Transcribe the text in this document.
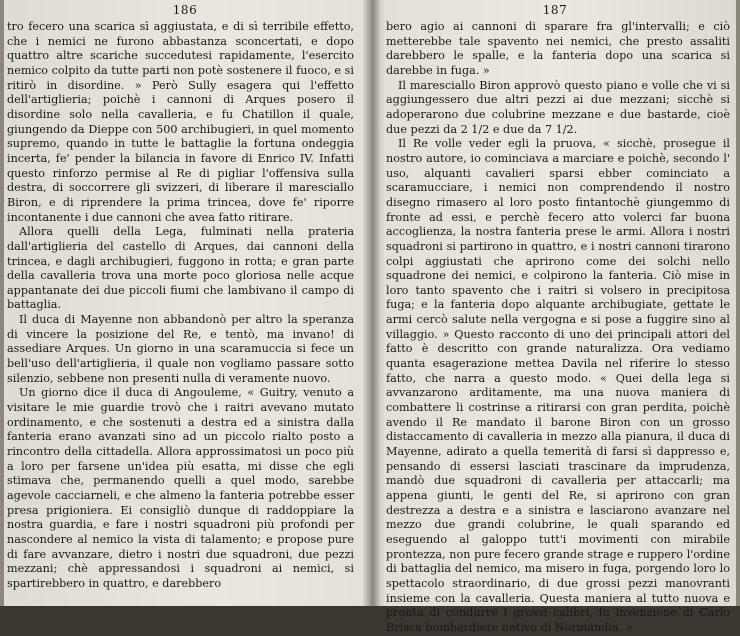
186

tro fecero una scarica sì aggiustata, e di sì terribile effetto, che i nemici ne furono abbastanza sconcertati, e dopo quattro altre scariche succedutesi rapidamente, l'esercito nemico colpito da tutte parti non potè sostenere il fuoco, e si ritirò in disordine. » Però Sully esagera qui l'effetto dell'artiglieria; poichè i cannoni di Arques posero il disordine solo nella cavalleria, e fu Chatillon il quale, giungendo da Dieppe con 500 archibugieri, in quel momento supremo, quando in tutte le battaglie la fortuna ondeggia incerta, fe' pender la bilancia in favore di Enrico IV. Infatti questo rinforzo permise al Re di pigliar l'offensiva sulla destra, di soccorrere gli svizzeri, di liberare il maresciallo Biron, e di riprendere la prima trincea, dove fe' riporre incontanente i due cannoni che avea fatto ritirare.

Allora quelli della Lega, fulminati nella prateria dall'artiglieria del castello di Arques, dai cannoni della trincea, e dagli archibugieri, fuggono in rotta; e gran parte della cavalleria trova una morte poco gloriosa nelle acque appantanate dei due piccoli fiumi che lambivano il campo di battaglia.

Il duca di Mayenne non abbandonò per altro la speranza di vincere la posizione del Re, e tentò, ma invano! di assediare Arques. Un giorno in una scaramuccia si fece un bell'uso dell'artiglieria, il quale non vogliamo passare sotto silenzio, sebbene non presenti nulla di veramente nuovo.

Un giorno dice il duca di Angouleme, « Guitry, venuto a visitare le mie guardie trovò che i raitri avevano mutato ordinamento, e che sostenuti a destra ed a sinistra dalla fanteria erano avanzati sino ad un piccolo rialto posto a rincontro della cittadella. Allora approssimatosi un poco più a loro per farsene un'idea più esatta, mi disse che egli stimava che, permanendo quelli a quel modo, sarebbe agevole cacciarneli, e che almeno la fanteria potrebbe esser presa prigioniera. Ei consigliò dunque di raddoppiare la nostra guardia, e fare i nostri squadroni più profondi per nascondere al nemico la vista di talamento; e propose pure di fare avvanzare, dietro i nostri due squadroni, due pezzi mezzani; chè appressandosi i squadroni ai nemici, si spartirebbero in quattro, e darebbero

187

bero agio ai cannoni di sparare fra gl'intervalli; e ciò metterebbe tale spavento nei nemici, che presto assaliti darebbero le spalle, e la fanteria dopo una scarica si darebbe in fuga. »

Il maresciallo Biron approvò questo piano e volle che vi si aggiungessero due altri pezzi ai due mezzani; sicchè si adoperarono due colubrine mezzane e due bastarde, cioè due pezzi da 2 1/2 e due da 7 1/2.

Il Re volle veder egli la pruova, « sicchè, prosegue il nostro autore, io cominciava a marciare e poichè, secondo l' uso, alquanti cavalieri sparsi ebber cominciato a scaramucciare, i nemici non comprendendo il nostro disegno rimasero al loro posto fintantochè giungemmo di fronte ad essi, e perchè fecero atto volerci far buona accoglienza, la nostra fanteria prese le armi. Allora i nostri squadroni si partirono in quattro, e i nostri cannoni tirarono colpi aggiustati che aprirono come dei solchi nello squadrone dei nemici, e colpirono la fanteria. Ciò mise in loro tanto spavento che i raitri si volsero in precipitosa fuga; e la fanteria dopo alquante archibugiate, gettate le armi cercò salute nella vergogna e si pose a fuggire sino al villaggio. » Questo racconto di uno dei principali attori del fatto è descritto con grande naturalizza. Ora vediamo quanta esagerazione mettea Davila nel riferire lo stesso fatto, che narra a questo modo. « Quei della lega si avvanzarono arditamente, ma una nuova maniera di combattere li costrinse a ritirarsi con gran perdita, poichè avendo il Re mandato il barone Biron con un grosso distaccamento di cavalleria in mezzo alla pianura, il duca di Mayenne, adirato a quella temerità di farsi sì dappresso e, pensando di essersi lasciati trascinare da imprudenza, mandò due squadroni di cavalleria per attaccarli; ma appena giunti, le genti del Re, si aprirono con gran destrezza a destra e a sinistra e lasciarono avanzare nel mezzo due grandi colubrine, le quali sparando ed eseguendo al galoppo tutt'i movimenti con mirabile prontezza, non pure fecero grande strage e ruppero l'ordine di battaglia del nemico, ma misero in fuga, porgendo loro lo spettacolo straordinario, di due grossi pezzi manovranti insieme con la cavalleria. Questa maniera al tutto nuova e pronta di condurre i grossi calibri, fu invenzione di Carlo Brisca bombardiere nativo di Normandia. »
